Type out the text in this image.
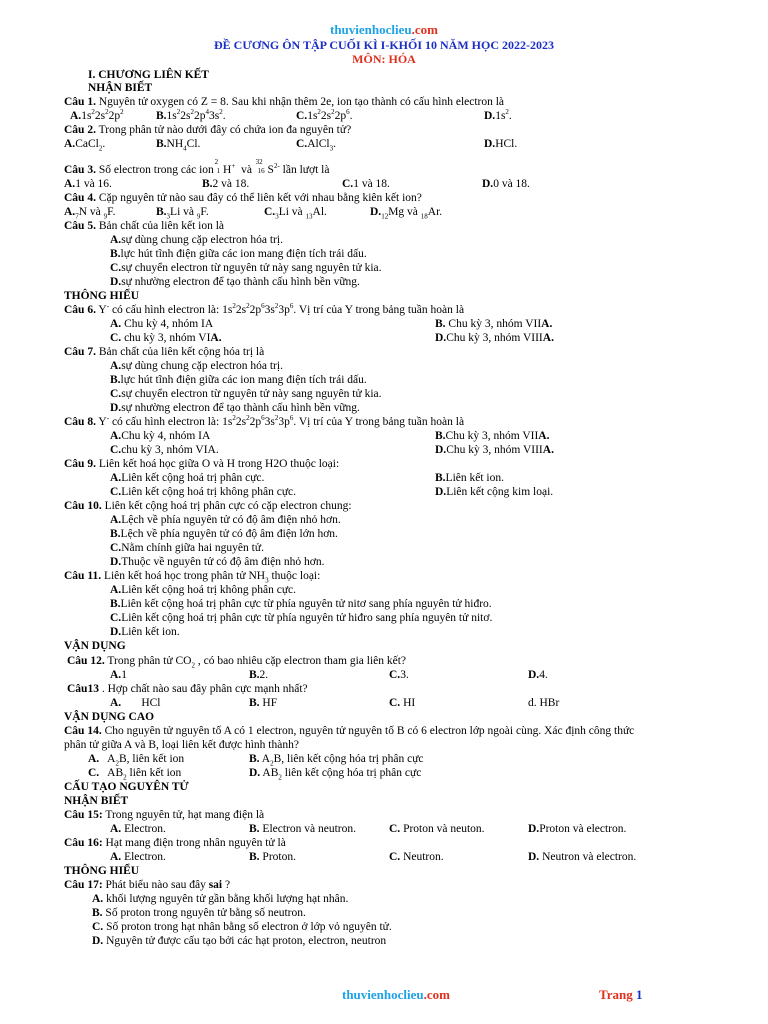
thuvienhoclieu.com
ĐỀ CƯƠNG ÔN TẬP CUỐI KÌ I-KHỐI 10 NĂM HỌC 2022-2023
MÔN: HÓA
I. CHƯƠNG LIÊN KẾT
NHẬN BIẾT
Câu 1. Nguyên tử oxygen có Z = 8. Sau khi nhận thêm 2e, ion tạo thành có cấu hình electron là
$A.1s^22s^22p^2$	$B.1s^22s^22p^43s^2$.	$C.1s^22s^22p^6$.	$D.1s^2$.
Câu 2. Trong phân tử nào dưới đây có chứa ion đa nguyên tử?
A.CaCl$_2$.	$B.NH_4Cl$.	C.AlCl$_3$.	D.HCl.
Câu 3. Số electron trong các ion
2
1 H+ và
32
16 $S^{2-}$ lần lượt là
A.1 và 16.	B.2 và 18.	C.1 và 18.	D.0 và 18.
Câu 4. Cặp nguyên tử nào sau đây có thể liên kết với nhau bằng kiên kết ion?
$A._7N$ và $_9$F.	$B._3Li$ và $_9$F.	$C._3Li$ và $_{13}$Al.	$D._{12}Mg$ và $_{18}$Ar.
Câu 5. Bản chất của liên kết ion là
A.sự dùng chung cặp electron hóa trị.
B.lực hút tĩnh điện giữa các ion mang điện tích trái dấu.
C.sự chuyển electron từ nguyên tử này sang nguyên tử kia.
D.sự nhường electron để tạo thành cấu hình bền vững.
THÔNG HIỂU
Câu 6. Y- có cấu hình electron là: $1s^22s^22p^63s^23p^6$. Vị trí của Y trong bảng tuần hoàn là
A. Chu kỳ 4, nhóm IA	B. Chu kỳ 3, nhóm VIIA.
C. chu kỳ 3, nhóm VIA.	D.Chu kỳ 3, nhóm VIIIA.
Câu 7. Bản chất của liên kết cộng hóa trị là
A.sự dùng chung cặp electron hóa trị.
B.lực hút tĩnh điện giữa các ion mang điện tích trái dấu.
C.sự chuyển electron từ nguyên tử này sang nguyên tử kia.
D.sự nhường electron để tạo thành cấu hình bền vững.
Câu 8. Y- có cấu hình electron là: $1s^22s^22p^63s^23p^6$. Vị trí của Y trong bảng tuần hoàn là
A.Chu kỳ 4, nhóm IA	B.Chu kỳ 3, nhóm VIIA.
C.chu kỳ 3, nhóm VIA.	D.Chu kỳ 3, nhóm VIIIA.
Câu 9. Liên kết hoá học giữa O và H trong H2O thuộc loại:
A.Liên kết cộng hoá trị phân cực.	B.Liên kết ion.
C.Liên kết cộng hoá trị không phân cực.	D.Liên kết cộng kim loại.
Câu 10. Liên kết cộng hoá trị phân cực có cặp electron chung:
A.Lệch về phía nguyên tử có độ âm điện nhỏ hơn.
B.Lệch về phía nguyên tử có độ âm điện lớn hơn.
C.Nằm chính giữa hai nguyên tử.
D.Thuộc về nguyên tử có độ âm điện nhỏ hơn.
Câu 11. Liên kết hoá học trong phân tử $NH_3$ thuộc loại:
A.Liên kết cộng hoá trị không phân cực.
B.Liên kết cộng hoá trị phân cực từ phía nguyên tử nitơ sang phía nguyên tử hiđro.
C.Liên kết cộng hoá trị phân cực từ phía nguyên tử hiđro sang phía nguyên tử nitơ.
D.Liên kết ion.
VẬN DỤNG
Câu 12. Trong phân tử $CO_2$ , có bao nhiêu cặp electron tham gia liên kết?
A.1	B.2.	C.3.	D.4.
Câu13 . Hợp chất nào sau đây phân cực mạnh nhất?
A. HCl	B. HF	C. HI	d. HBr
VẬN DỤNG CAO
Câu 14. Cho nguyên tử nguyên tố A có 1 electron, nguyên tử nguyên tố B có 6 electron lớp ngoài cùng. Xác định công thức
phân tử giữa A và B, loại liên kết được hình thành?
A.   $A_2B$, liên kết ion	B. $A_2B$, liên kết cộng hóa trị phân cực
C.   $AB_2$ liên kết ion	D. $AB_2$ liên kết cộng hóa trị phân cực
CẤU TẠO NGUYÊN TỬ
NHẬN BIẾT
Câu 15: Trong nguyên tử, hạt mang điện là
A. Electron.	B. Electron và neutron.	C. Proton và neuton.	D.Proton và electron.
Câu 16: Hạt mang điện trong nhân nguyên tử là
A. Electron.	B. Proton.	C. Neutron.	D. Neutron và electron.
THÔNG HIỂU
Câu 17: Phát biểu nào sau đây sai ?
A. khối lượng nguyên tử gần bằng khối lượng hạt nhân.
B. Số proton trong nguyên tử bằng số neutron.
C. Số proton trong hạt nhân bằng số electron ở lớp vỏ nguyên tử.
D. Nguyên tử được cấu tạo bởi các hạt proton, electron, neutron
thuvienhoclieu.com	Trang 1
